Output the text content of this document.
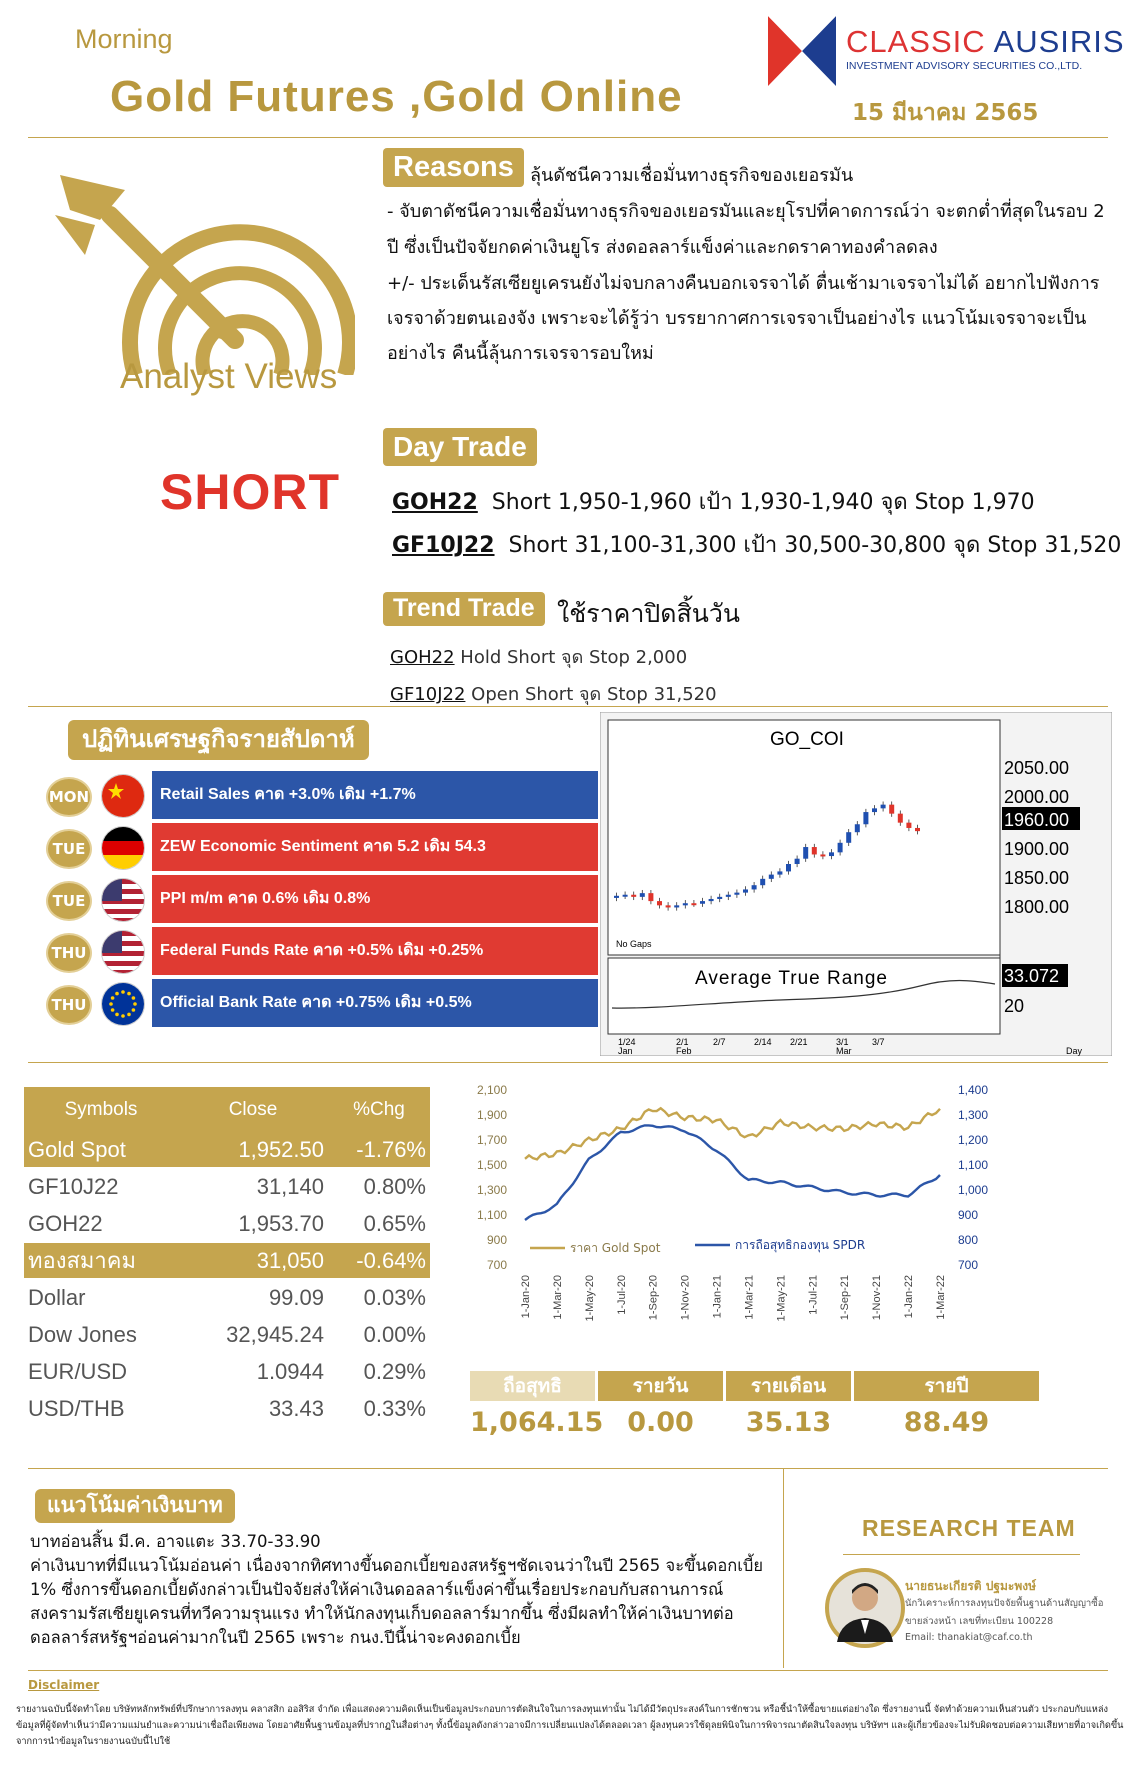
Morning
Gold Futures ,Gold Online
CLASSIC AUSIRIS
INVESTMENT ADVISORY SECURITIES CO.,LTD.
15 มีนาคม 2565
Analyst Views
SHORT
Reasons ลุ้นดัชนีความเชื่อมั่นทางธุรกิจของเยอรมัน
- จับตาดัชนีความเชื่อมั่นทางธุรกิจของเยอรมันและยุโรปที่คาดการณ์ว่า จะตกต่ำที่สุดในรอบ 2
ปี ซึ่งเป็นปัจจัยกดค่าเงินยูโร ส่งดอลลาร์แข็งค่าและกดราคาทองคำลดลง
+/- ประเด็นรัสเซียยูเครนยังไม่จบกลางคืนบอกเจรจาได้ ตื่นเช้ามาเจรจาไม่ได้ อยากไปฟังการ
เจรจาด้วยตนเองจัง เพราะจะได้รู้ว่า บรรยากาศการเจรจาเป็นอย่างไร แนวโน้มเจรจาจะเป็น
อย่างไร คืนนี้ลุ้นการเจรจารอบใหม่
Day Trade
GOH22 Short 1,950-1,960 เป้า 1,930-1,940 จุด Stop 1,970
GF10J22 Short 31,100-31,300 เป้า 30,500-30,800 จุด Stop 31,520
Trend Trade ใช้ราคาปิดสิ้นวัน
GOH22 Hold Short จุด Stop 2,000
GF10J22 Open Short จุด Stop 31,520
ปฏิทินเศรษฐกิจรายสัปดาห์
MON	Retail Sales คาด +3.0% เดิม +1.7%
TUE	ZEW Economic Sentiment คาด 5.2 เดิม 54.3
TUE	PPI m/m คาด 0.6% เดิม 0.8%
THU	Federal Funds Rate คาด +0.5% เดิม +0.25%
THU	Official Bank Rate คาด +0.75% เดิม +0.5%
GO_COI
No Gaps
2050.00
2000.00
1960.00
1900.00
1850.00
1800.00
Average True Range	33.072
20
1/24	2/1	2/7	2/14 2/21	3/1	3/7
Jan	Feb	Mar	Day
Symbols	Close	%Chg
Gold Spot	1,952.50	-1.76%
GF10J22	31,140	0.80%
GOH22	1,953.70	0.65%
ทองสมาคม	31,050	-0.64%
Dollar	99.09	0.03%
Dow Jones	32,945.24	0.00%
EUR/USD	1.0944	0.29%
USD/THB	33.43	0.33%
2,100
1,900
1,700
1,500
1,300
1,100
900
700
1,400
1,300
1,200
1,100
1,000
900
800
700
1-Jan-20 1-Mar-20 1-May-20 1-Jul-20 1-Sep-20 1-Nov-20 1-Jan-21 1-Mar-21 1-May-21 1-Jul-21 1-Sep-21 1-Nov-21 1-Jan-22 1-Mar-22
ราคา Gold Spot	การถือสุทธิกองทุน SPDR
ถือสุทธิ	รายวัน	รายเดือน	รายปี
1,064.15 0.00	35.13	88.49
แนวโน้มค่าเงินบาท
บาทอ่อนสิ้น มี.ค. อาจแตะ 33.70-33.90
ค่าเงินบาทที่มีแนวโน้มอ่อนค่า เนื่องจากทิศทางขึ้นดอกเบี้ยของสหรัฐฯชัดเจนว่าในปี 2565 จะขึ้นดอกเบี้ย
1% ซึ่งการขึ้นดอกเบี้ยดังกล่าวเป็นปัจจัยส่งให้ค่าเงินดอลลาร์แข็งค่าขึ้นเรื่อยประกอบกับสถานการณ์
สงครามรัสเซียยูเครนที่ทวีความรุนแรง ทำให้นักลงทุนเก็บดอลลาร์มากขึ้น ซึ่งมีผลทำให้ค่าเงินบาทต่อ
ดอลลาร์สหรัฐฯอ่อนค่ามากในปี 2565 เพราะ กนง.ปีนี้น่าจะคงดอกเบี้ย
RESEARCH TEAM
นายธนะเกียรติ ปฐมะพงษ์
นักวิเคราะห์การลงทุนปัจจัยพื้นฐานด้านสัญญาซื้อ
ขายล่วงหน้า เลขที่ทะเบียน 100228
Email: thanakiat@caf.co.th
Disclaimer
รายงานฉบับนี้จัดทำโดย บริษัทหลักทรัพย์ที่ปรึกษาการลงทุน คลาสสิก ออสิริส จำกัด เพื่อแสดงความคิดเห็นเป็นข้อมูลประกอบการตัดสินใจในการลงทุนเท่านั้น ไม่ได้มีวัตถุประสงค์ในการชักชวน หรือชี้นำให้ซื้อขายแต่อย่างใด ซึ่งรายงานนี้ จัดทำด้วยความเห็นส่วนตัว ประกอบกับแหล่งข้อมูลที่ผู้จัดทำเห็นว่ามีความแม่นยำและความน่าเชื่อถือเพียงพอ โดยอาศัยพื้นฐานข้อมูลที่ปรากฏในสื่อต่างๆ ทั้งนี้ข้อมูลดังกล่าวอาจมีการเปลี่ยนแปลงได้ตลอดเวลา ผู้ลงทุนควรใช้ดุลยพินิจในการพิจารณาตัดสินใจลงทุน บริษัทฯ และผู้เกี่ยวข้องจะไม่รับผิดชอบต่อความเสียหายที่อาจเกิดขึ้นจากการนำข้อมูลในรายงานฉบับนี้ไปใช้
